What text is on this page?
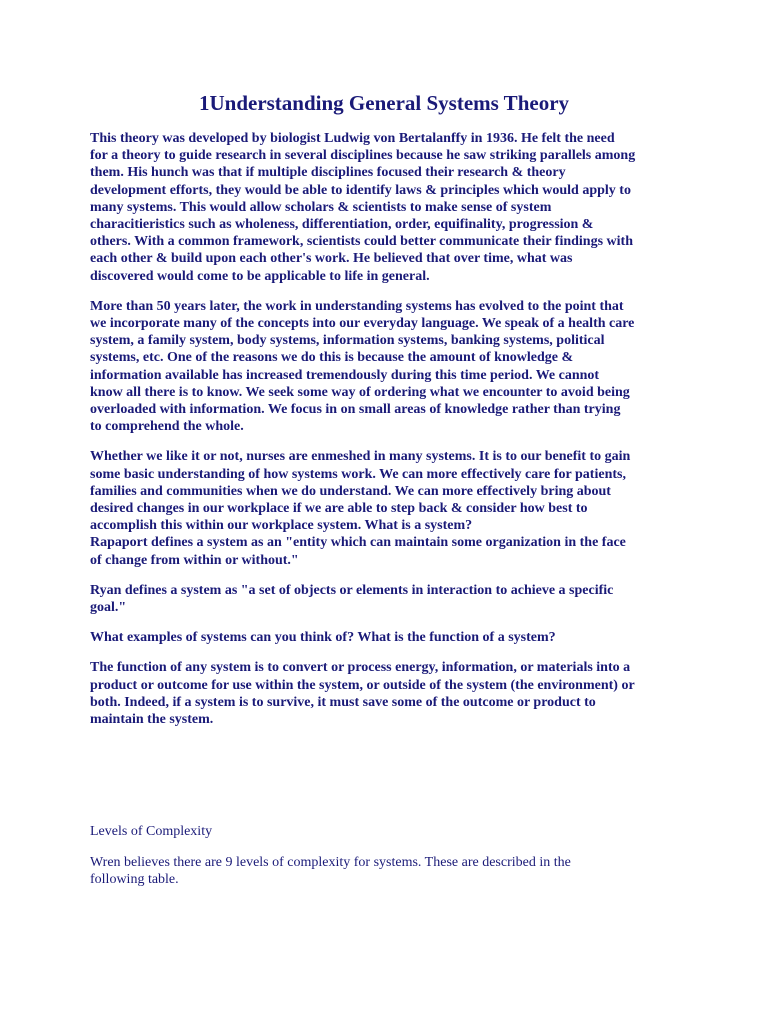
1Understanding General Systems Theory
This theory was developed by biologist Ludwig von Bertalanffy in 1936. He felt the need
for a theory to guide research in several disciplines because he saw striking parallels among
them. His hunch was that if multiple disciplines focused their research & theory
development efforts, they would be able to identify laws & principles which would apply to
many systems. This would allow scholars & scientists to make sense of system
characitieristics such as wholeness, differentiation, order, equifinality, progression &
others. With a common framework, scientists could better communicate their findings with
each other & build upon each other's work. He believed that over time, what was
discovered would come to be applicable to life in general.
More than 50 years later, the work in understanding systems has evolved to the point that
we incorporate many of the concepts into our everyday language. We speak of a health care
system, a family system, body systems, information systems, banking systems, political
systems, etc. One of the reasons we do this is because the amount of knowledge &
information available has increased tremendously during this time period. We cannot
know all there is to know. We seek some way of ordering what we encounter to avoid being
overloaded with information. We focus in on small areas of knowledge rather than trying
to comprehend the whole.
Whether we like it or not, nurses are enmeshed in many systems. It is to our benefit to gain
some basic understanding of how systems work. We can more effectively care for patients,
families and communities when we do understand. We can more effectively bring about
desired changes in our workplace if we are able to step back & consider how best to
accomplish this within our workplace system. What is a system?
Rapaport defines a system as an "entity which can maintain some organization in the face
of change from within or without."
Ryan defines a system as "a set of objects or elements in interaction to achieve a specific
goal."
What examples of systems can you think of? What is the function of a system?
The function of any system is to convert or process energy, information, or materials into a
product or outcome for use within the system, or outside of the system (the environment) or
both. Indeed, if a system is to survive, it must save some of the outcome or product to
maintain the system.
Levels of Complexity
Wren believes there are 9 levels of complexity for systems. These are described in the
following table.
